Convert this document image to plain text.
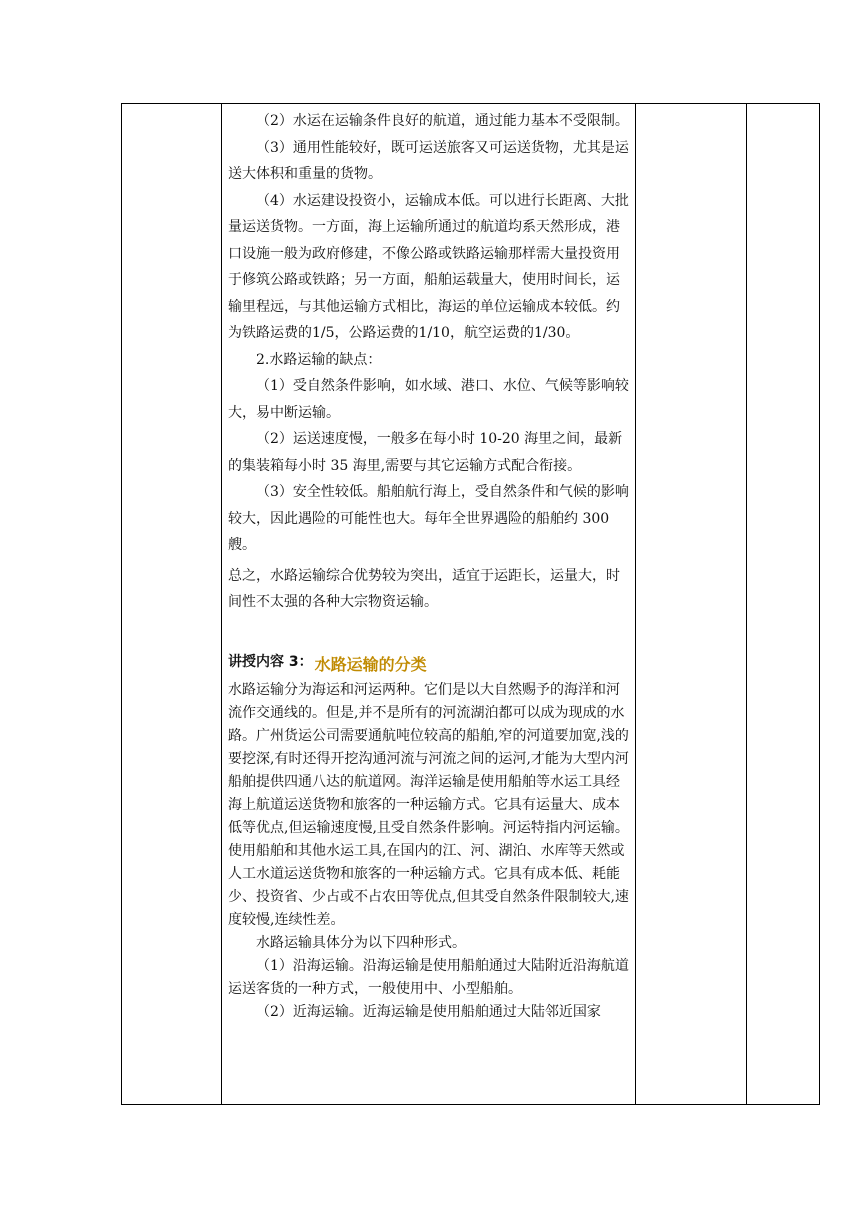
（2）水运在运输条件良好的航道，通过能力基本不受限制。

（3）通用性能较好，既可运送旅客又可运送货物，尤其是运送大体积和重量的货物。

（4）水运建设投资小，运输成本低。可以进行长距离、大批量运送货物。一方面，海上运输所通过的航道均系天然形成，港口设施一般为政府修建，不像公路或铁路运输那样需大量投资用于修筑公路或铁路；另一方面，船舶运载量大，使用时间长，运输里程远，与其他运输方式相比，海运的单位运输成本较低。约为铁路运费的1/5，公路运费的1/10，航空运费的1/30。

2.水路运输的缺点：

（1）受自然条件影响，如水域、港口、水位、气候等影响较大，易中断运输。

（2）运送速度慢，一般多在每小时 10-20 海里之间，最新的集装箱每小时 35 海里,需要与其它运输方式配合衔接。

（3）安全性较低。船舶航行海上，受自然条件和气候的影响较大，因此遇险的可能性也大。每年全世界遇险的船舶约 300 艘。

总之，水路运输综合优势较为突出，适宜于运距长，运量大，时间性不太强的各种大宗物资运输。

讲授内容 3： 水路运输的分类

水路运输分为海运和河运两种。它们是以大自然赐予的海洋和河流作交通线的。但是,并不是所有的河流湖泊都可以成为现成的水路。广州货运公司需要通航吨位较高的船舶,窄的河道要加宽,浅的要挖深,有时还得开挖沟通河流与河流之间的运河,才能为大型内河船舶提供四通八达的航道网。海洋运输是使用船舶等水运工具经海上航道运送货物和旅客的一种运输方式。它具有运量大、成本低等优点,但运输速度慢,且受自然条件影响。河运特指内河运输。使用船舶和其他水运工具,在国内的江、河、湖泊、水库等天然或人工水道运送货物和旅客的一种运输方式。它具有成本低、耗能少、投资省、少占或不占农田等优点,但其受自然条件限制较大,速度较慢,连续性差。

水路运输具体分为以下四种形式。

（1）沿海运输。沿海运输是使用船舶通过大陆附近沿海航道运送客货的一种方式，一般使用中、小型船舶。

（2）近海运输。近海运输是使用船舶通过大陆邻近国家
